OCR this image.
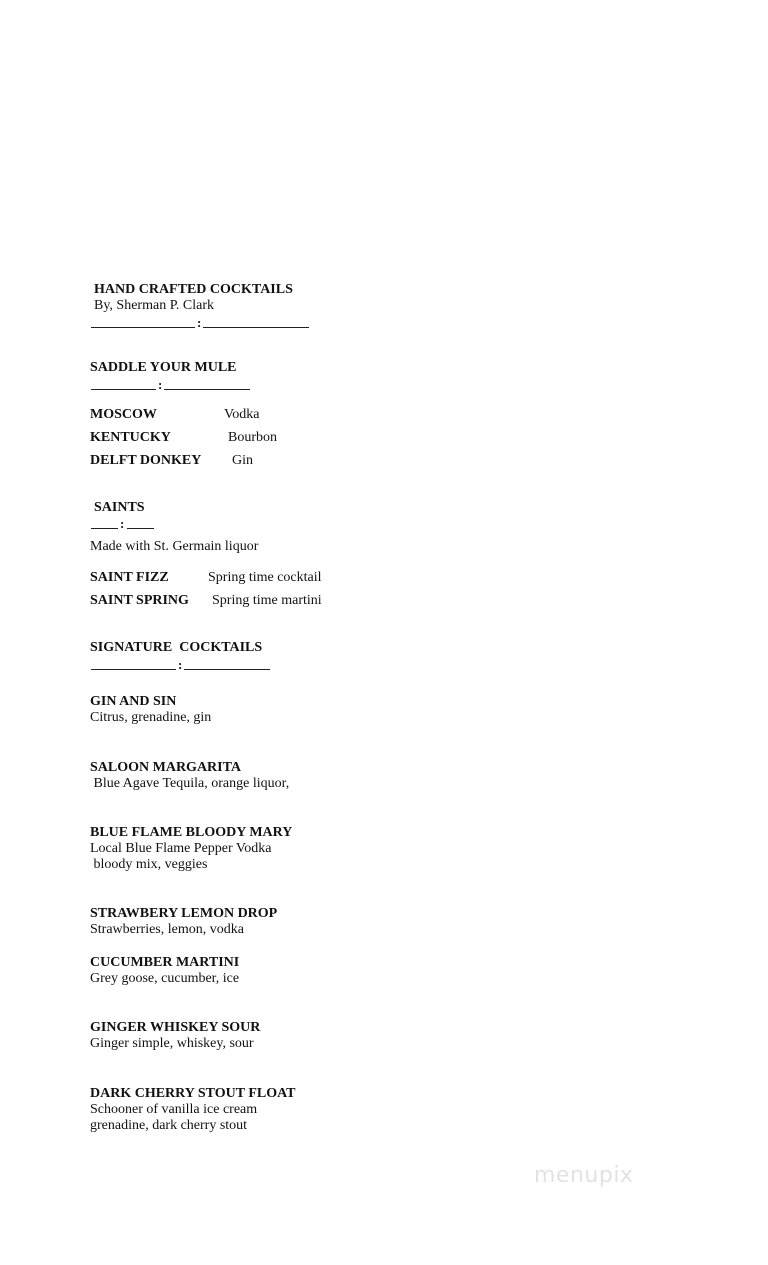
HAND CRAFTED COCKTAILS
By, Sherman P. Clark
:
SADDLE YOUR MULE
:
MOSCOW	Vodka
KENTUCKY	Bourbon
DELFT DONKEY Gin
SAINTS
:
Made with St. Germain liquor
SAINT FIZZ	Spring time cocktail
SAINT SPRING Spring time martini
SIGNATURE  COCKTAILS
:
GIN AND SIN
Citrus, grenadine, gin
SALOON MARGARITA
Blue Agave Tequila, orange liquor,
BLUE FLAME BLOODY MARY
Local Blue Flame Pepper Vodka
bloody mix, veggies
STRAWBERY LEMON DROP
Strawberries, lemon, vodka
CUCUMBER MARTINI
Grey goose, cucumber, ice
GINGER WHISKEY SOUR
Ginger simple, whiskey, sour
DARK CHERRY STOUT FLOAT
Schooner of vanilla ice cream
grenadine, dark cherry stout
menupix
